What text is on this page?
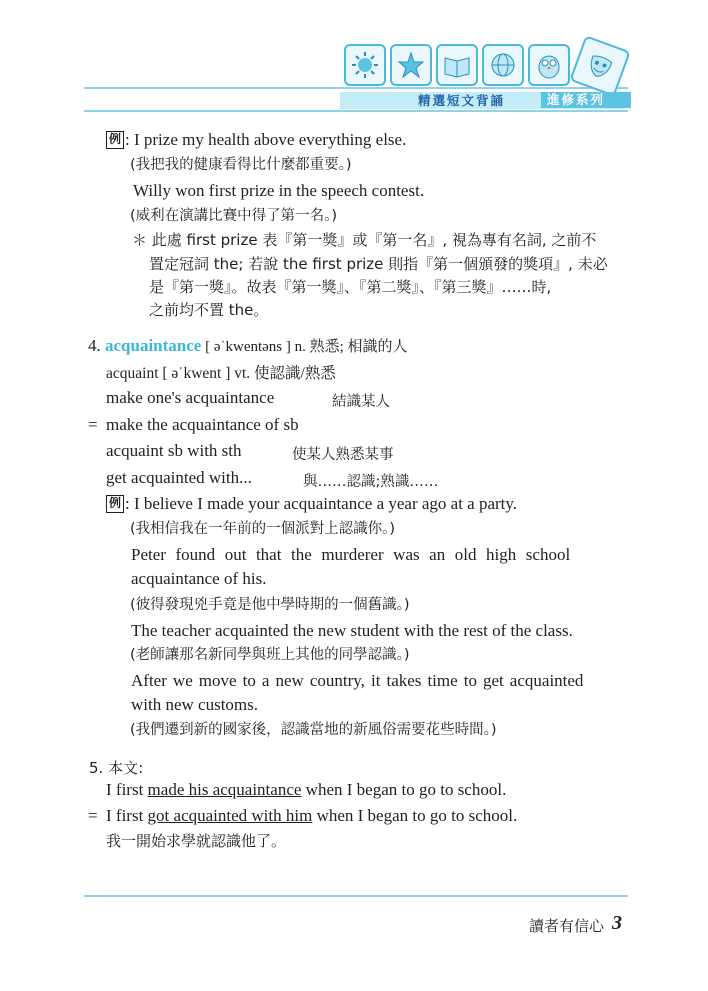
精選短文背誦	進修系列
例 : I prize my health above everything else.
(我把我的健康看得比什麼都重要。)
Willy won first prize in the speech contest.
(威利在演講比賽中得了第一名。)
＊ 此處 first prize 表『第一獎』或『第一名』, 視為專有名詞, 之前不
置定冠詞 the; 若說 the first prize 則指『第一個頒發的獎項』, 未必
是『第一獎』。故表『第一獎』、『第二獎』、『第三獎』……時,
之前均不置 the。
4. acquaintance [ əˈkwentəns ] n. 熟悉; 相識的人
acquaint [ əˈkwent ] vt. 使認識/熟悉
make one's acquaintance	結識某人
= make the acquaintance of sb
acquaint sb with sth	使某人熟悉某事
get acquainted with...	與……認識;熟識……
例 : I believe I made your acquaintance a year ago at a party.
(我相信我在一年前的一個派對上認識你。)
Peter found out that the murderer was an old high school
acquaintance of his.
(彼得發現兇手竟是他中學時期的一個舊識。)
The teacher acquainted the new student with the rest of the class.
(老師讓那名新同學與班上其他的同學認識。)
After we move to a new country, it takes time to get acquainted
with new customs.
(我們遷到新的國家後，認識當地的新風俗需要花些時間。)
5. 本文:
I first made his acquaintance when I began to go to school.
= I first got acquainted with him when I began to go to school.
我一開始求學就認識他了。
讀者有信心 3
